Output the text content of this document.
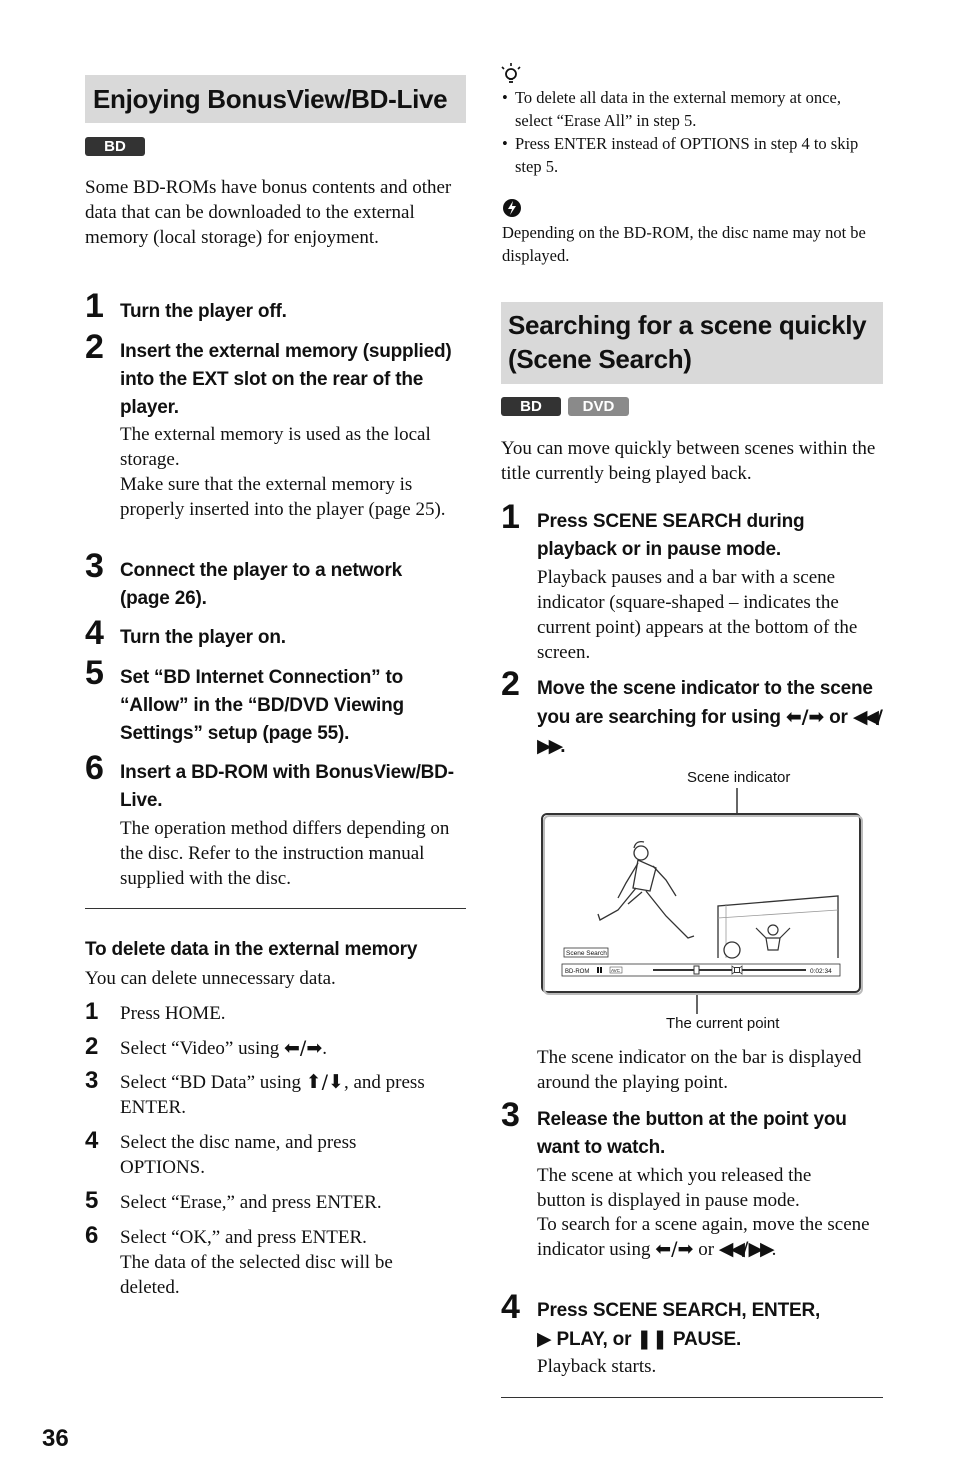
Enjoying BonusView/BD-Live
BD
Some BD-ROMs have bonus contents and other data that can be downloaded to the external memory (local storage) for enjoyment.
1 Turn the player off.
2 Insert the external memory (supplied) into the EXT slot on the rear of the player.
The external memory is used as the local storage.
Make sure that the external memory is properly inserted into the player (page 25).
3 Connect the player to a network (page 26).
4 Turn the player on.
5 Set “BD Internet Connection” to “Allow” in the “BD/DVD Viewing Settings” setup (page 55).
6 Insert a BD-ROM with BonusView/BD-Live.
The operation method differs depending on the disc. Refer to the instruction manual supplied with the disc.
To delete data in the external memory
You can delete unnecessary data.
1 Press HOME.
2 Select “Video” using ⬅/➡.
3 Select “BD Data” using ⬆/⬇, and press ENTER.
4 Select the disc name, and press OPTIONS.
5 Select “Erase,” and press ENTER.
6 Select “OK,” and press ENTER.
The data of the selected disc will be deleted.
36
• To delete all data in the external memory at once, select “Erase All” in step 5.
• Press ENTER instead of OPTIONS in step 4 to skip step 5.
Depending on the BD-ROM, the disc name may not be displayed.
Searching for a scene quickly
(Scene Search)
BD	DVD
You can move quickly between scenes within the title currently being played back.
1 Press SCENE SEARCH during playback or in pause mode.
Playback pauses and a bar with a scene indicator (square-shaped – indicates the current point) appears at the bottom of the screen.
2 Move the scene indicator to the scene you are searching for using ⬅/➡ or ◀◀/▶▶.
Scene indicator
The current point
Scene Search
BD-ROM	AVC	0:02:34
The scene indicator on the bar is displayed around the playing point.
3 Release the button at the point you want to watch.
The scene at which you released the button is displayed in pause mode.
To search for a scene again, move the scene indicator using ⬅/➡ or ◀◀/ ▶▶.
4 Press SCENE SEARCH, ENTER,
▶ PLAY, or ❚❚ PAUSE.
Playback starts.
